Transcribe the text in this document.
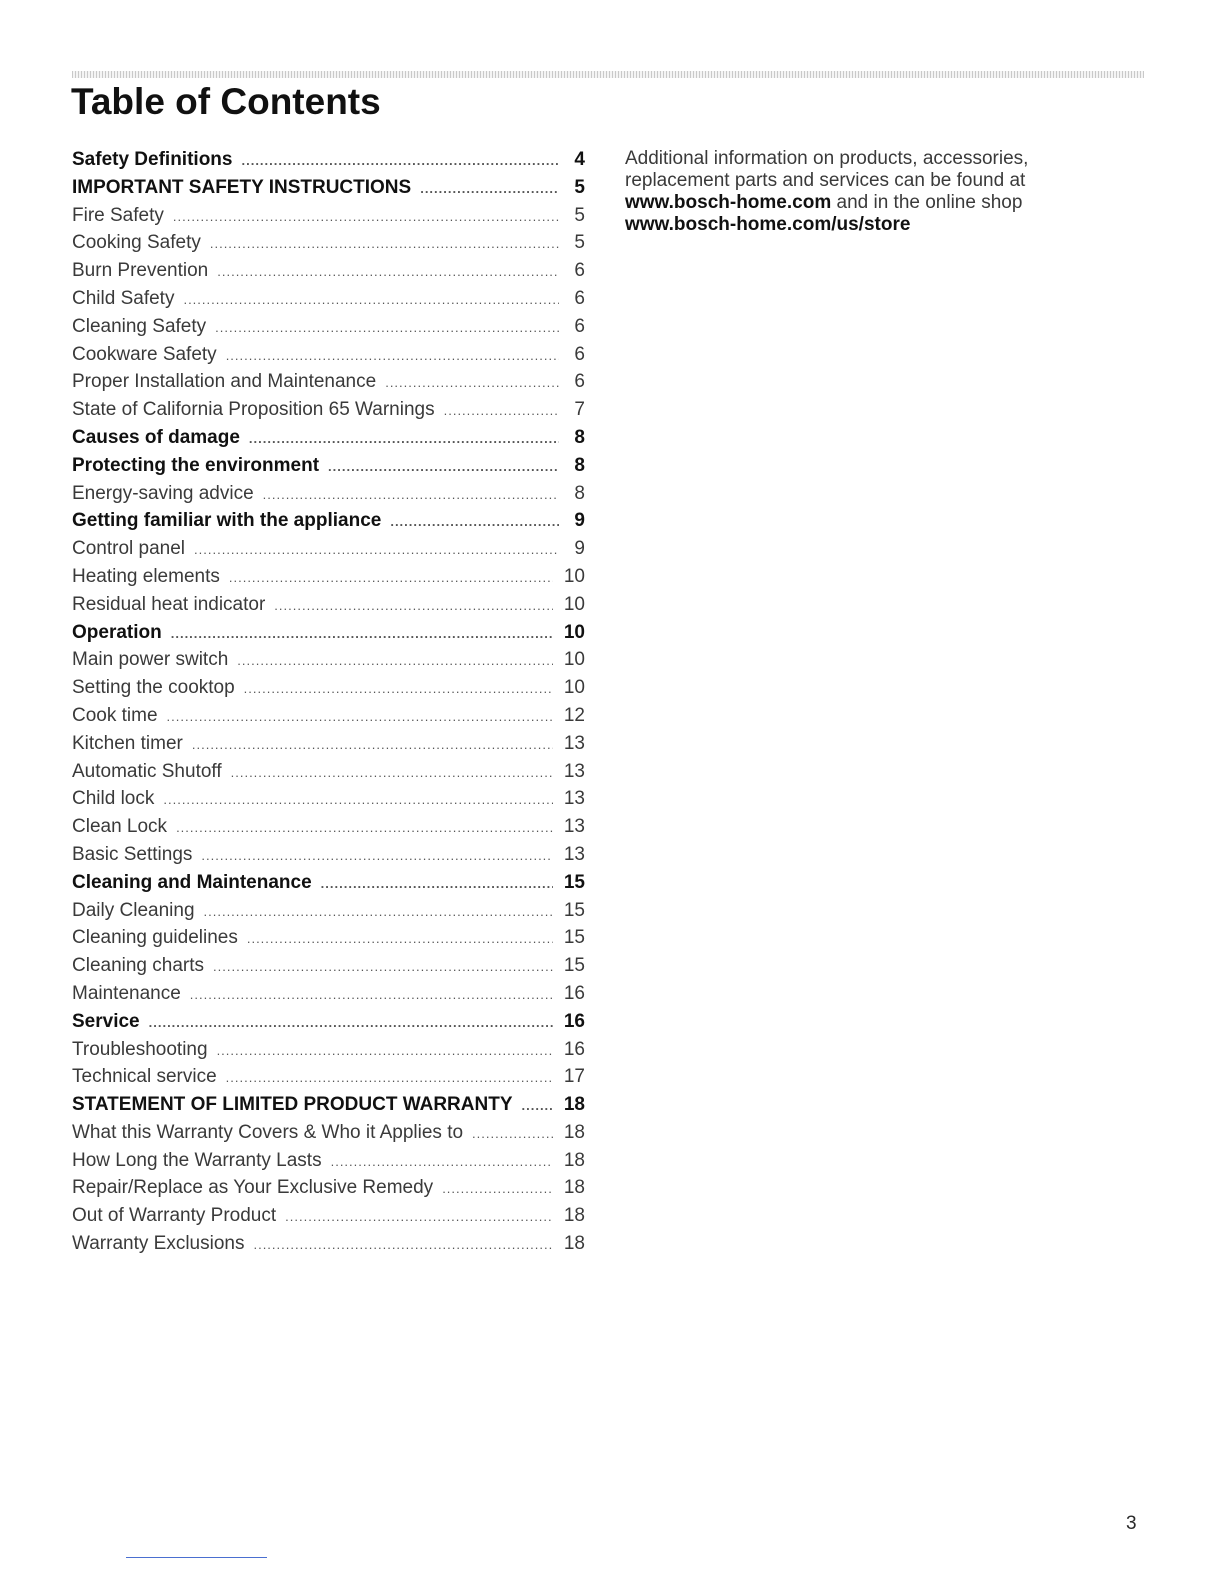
Table of Contents
Safety Definitions .....	4
IMPORTANT SAFETY INSTRUCTIONS .....	5
Fire Safety .....	5
Cooking Safety .....	5
Burn Prevention .....	6
Child Safety .....	6
Cleaning Safety .....	6
Cookware Safety .....	6
Proper Installation and Maintenance .....	6
State of California Proposition 65 Warnings .....	7
Causes of damage .....	8
Protecting the environment .....	8
Energy-saving advice .....	8
Getting familiar with the appliance .....	9
Control panel .....	9
Heating elements .....	10
Residual heat indicator .....	10
Operation .....	10
Main power switch .....	10
Setting the cooktop .....	10
Cook time .....	12
Kitchen timer .....	13
Automatic Shutoff .....	13
Child lock .....	13
Clean Lock .....	13
Basic Settings .....	13
Cleaning and Maintenance .....	15
Daily Cleaning .....	15
Cleaning guidelines .....	15
Cleaning charts .....	15
Maintenance .....	16
Service .....	16
Troubleshooting .....	16
Technical service .....	17
STATEMENT OF LIMITED PRODUCT WARRANTY .....	18
What this Warranty Covers & Who it Applies to .....	18
How Long the Warranty Lasts .....	18
Repair/Replace as Your Exclusive Remedy .....	18
Out of Warranty Product .....	18
Warranty Exclusions .....	18

Additional information on products, accessories,

replacement parts and services can be found at

www.bosch-home.com and in the online shop

www.bosch-home.com/us/store

3
